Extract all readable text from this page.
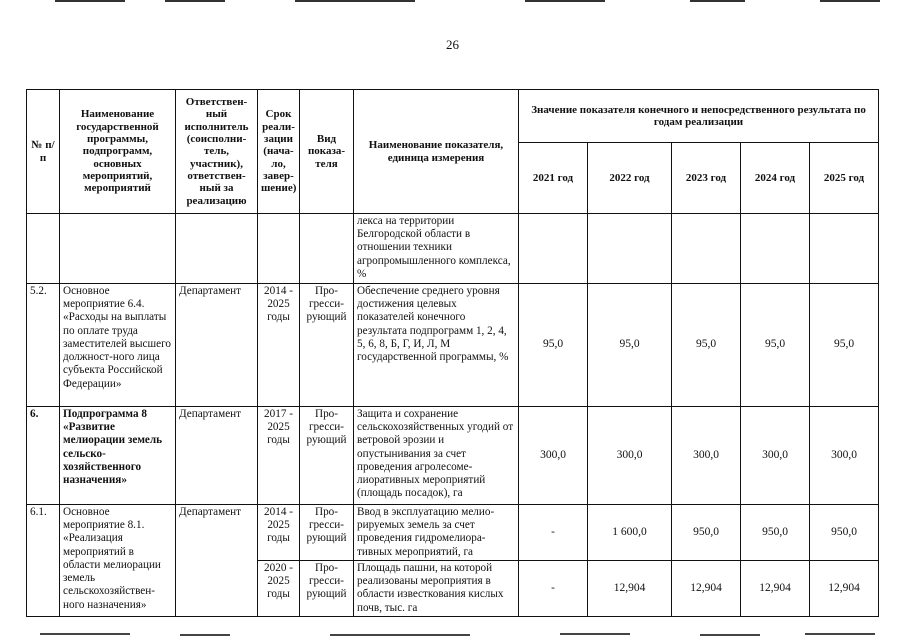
26
№ п/п	Наименование государственной программы, подпрограмм, основных мероприятий, мероприятий	Ответствен-ный исполнитель (соисполни-тель, участник), ответствен-ный за реализацию	Срок реали-зации (нача-ло, завер-шение)	Вид показа-теля	Наименование показателя, единица измерения	Значение показателя конечного и непосредственного результата по годам реализации				
						2021 год	2022 год	2023 год	2024 год	2025 год
					лекса на территории Белгородской области в отношении техники агропромышленного комплекса, %					
5.2.	Основное мероприятие 6.4. «Расходы на выплаты по оплате труда заместителей высшего должност-ного лица субъекта Российской Федерации»	Департамент	2014 - 2025 годы	Про-гресси-рующий	Обеспечение среднего уровня достижения целевых показателей конечного результата подпрограмм 1, 2, 4, 5, 6, 8, Б, Г, И, Л, М государственной программы, %	95,0	95,0	95,0	95,0	95,0
6.	Подпрограмма 8 «Развитие мелиорации земель сельско-хозяйственного назначения»	Департамент	2017 - 2025 годы	Про-гресси-рующий	Защита и сохранение сельскохозяйственных угодий от ветровой эрозии и опустынивания за счет проведения агролесоме-лиоративных мероприятий (площадь посадок), га	300,0	300,0	300,0	300,0	300,0
6.1.	Основное мероприятие 8.1. «Реализация мероприятий в области мелиорации земель сельскохозяйствен-ного назначения»	Департамент	2014 - 2025 годы	Про-гресси-рующий	Ввод в эксплуатацию мелио-рируемых земель за счет проведения гидромелиора-тивных мероприятий, га	-	1 600,0	950,0	950,0	950,0
			2020 - 2025 годы	Про-гресси-рующий	Площадь пашни, на которой реализованы мероприятия в области известкования кислых почв, тыс. га	-	12,904	12,904	12,904	12,904
